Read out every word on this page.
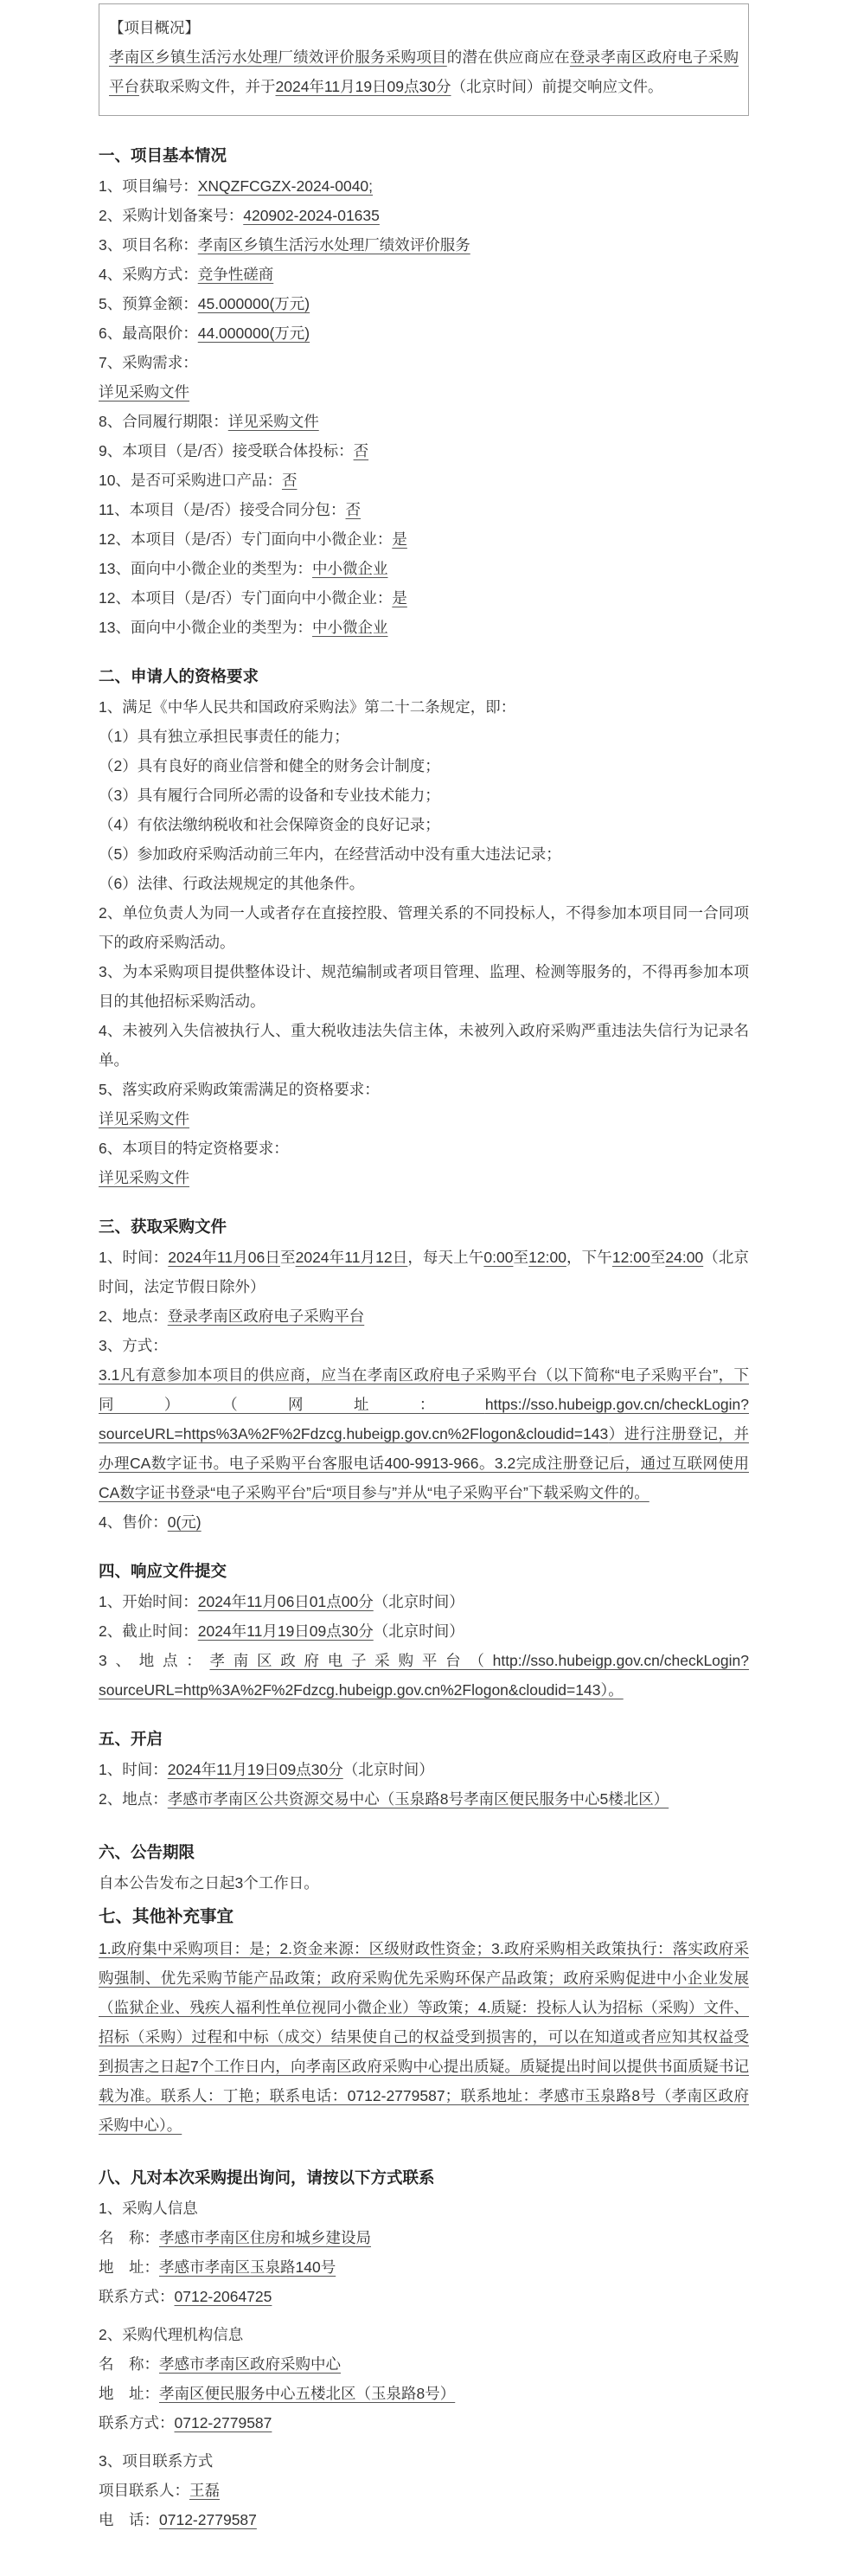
【项目概况】

孝南区乡镇生活污水处理厂绩效评价服务采购项目的潜在供应商应在登录孝南区政府电子采购平台获取采购文件，并于2024年11月19日09点30分（北京时间）前提交响应文件。

一、项目基本情况

1、项目编号：XNQZFCGZX-2024-0040;

2、采购计划备案号：420902-2024-01635

3、项目名称：孝南区乡镇生活污水处理厂绩效评价服务

4、采购方式：竞争性磋商

5、预算金额：45.000000(万元)

6、最高限价：44.000000(万元)

7、采购需求：

详见采购文件

8、合同履行期限：详见采购文件

9、本项目（是/否）接受联合体投标：否

10、是否可采购进口产品：否

11、本项目（是/否）接受合同分包：否

12、本项目（是/否）专门面向中小微企业：是

13、面向中小微企业的类型为：中小微企业

12、本项目（是/否）专门面向中小微企业：是

13、面向中小微企业的类型为：中小微企业

二、申请人的资格要求

1、满足《中华人民共和国政府采购法》第二十二条规定，即：

（1）具有独立承担民事责任的能力；

（2）具有良好的商业信誉和健全的财务会计制度；

（3）具有履行合同所必需的设备和专业技术能力；

（4）有依法缴纳税收和社会保障资金的良好记录；

（5）参加政府采购活动前三年内，在经营活动中没有重大违法记录；

（6）法律、行政法规规定的其他条件。

2、单位负责人为同一人或者存在直接控股、管理关系的不同投标人，不得参加本项目同一合同项下的政府采购活动。

3、为本采购项目提供整体设计、规范编制或者项目管理、监理、检测等服务的，不得再参加本项目的其他招标采购活动。

4、未被列入失信被执行人、重大税收违法失信主体，未被列入政府采购严重违法失信行为记录名单。

5、落实政府采购政策需满足的资格要求：

详见采购文件

6、本项目的特定资格要求：

详见采购文件

三、获取采购文件

1、时间：2024年11月06日至2024年11月12日，每天上午0:00至12:00，下午12:00至24:00（北京时间，法定节假日除外）

2、地点：登录孝南区政府电子采购平台

3、方式：

3.1凡有意参加本项目的供应商，应当在孝南区政府电子采购平台（以下简称“电子采购平台”，下同）（网址：https://sso.hubeigp.gov.cn/checkLogin?sourceURL=https%3A%2F%2Fdzcg.hubeigp.gov.cn%2Flogon&cloudid=143）进行注册登记，并办理CA数字证书。电子采购平台客服电话400-9913-966。3.2完成注册登记后，通过互联网使用CA数字证书登录“电子采购平台”后“项目参与”并从“电子采购平台”下载采购文件的。

4、售价：0(元)

四、响应文件提交

1、开始时间：2024年11月06日01点00分（北京时间）

2、截止时间：2024年11月19日09点30分（北京时间）

3、地点：孝南区政府电子采购平台（http://sso.hubeigp.gov.cn/checkLogin?sourceURL=http%3A%2F%2Fdzcg.hubeigp.gov.cn%2Flogon&cloudid=143）。

五、开启

1、时间：2024年11月19日09点30分（北京时间）

2、地点：孝感市孝南区公共资源交易中心（玉泉路8号孝南区便民服务中心5楼北区）

六、公告期限

自本公告发布之日起3个工作日。

七、其他补充事宜

1.政府集中采购项目：是；2.资金来源：区级财政性资金；3.政府采购相关政策执行：落实政府采购强制、优先采购节能产品政策；政府采购优先采购环保产品政策；政府采购促进中小企业发展（监狱企业、残疾人福利性单位视同小微企业）等政策；4.质疑：投标人认为招标（采购）文件、招标（采购）过程和中标（成交）结果使自己的权益受到损害的，可以在知道或者应知其权益受到损害之日起7个工作日内，向孝南区政府采购中心提出质疑。质疑提出时间以提供书面质疑书记载为准。联系人：丁艳；联系电话：0712-2779587；联系地址：孝感市玉泉路8号（孝南区政府采购中心）。

八、凡对本次采购提出询问，请按以下方式联系

1、采购人信息

名　称：孝感市孝南区住房和城乡建设局

地　址：孝感市孝南区玉泉路140号

联系方式：0712-2064725

2、采购代理机构信息

名　称：孝感市孝南区政府采购中心

地　址：孝南区便民服务中心五楼北区（玉泉路8号）

联系方式：0712-2779587

3、项目联系方式

项目联系人：王磊

电　话：0712-2779587
